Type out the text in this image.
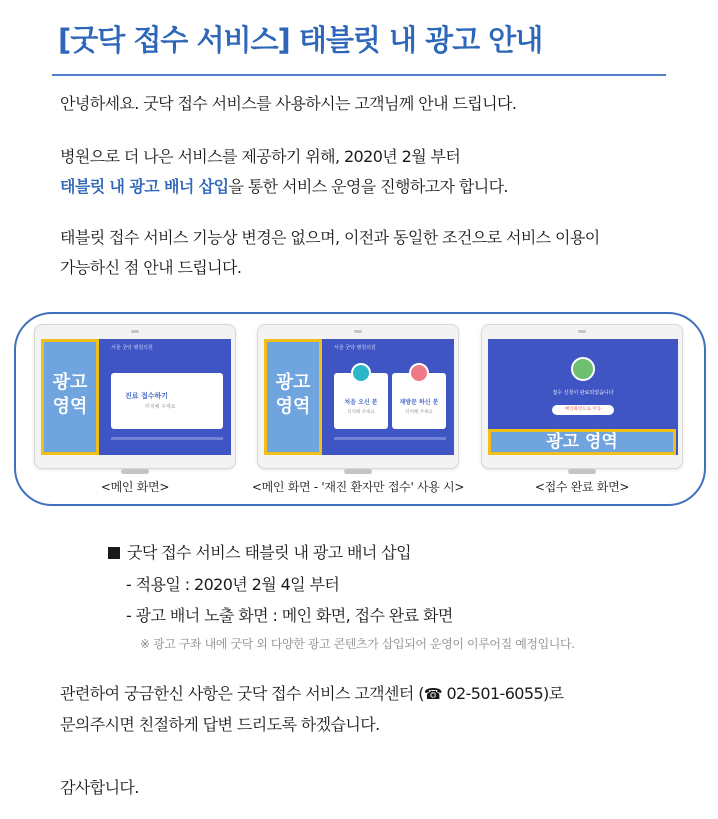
[굿닥 접수 서비스] 태블릿 내 광고 안내
안녕하세요. 굿닥 접수 서비스를 사용하시는 고객님께 안내 드립니다.
병원으로 더 나은 서비스를 제공하기 위해, 2020년 2월 부터
태블릿 내 광고 배너 삽입을 통한 서비스 운영을 진행하고자 합니다.
태블릿 접수 서비스 기능상 변경은 없으며, 이전과 동일한 조건으로 서비스 이용이
가능하신 점 안내 드립니다.
서울 굿닥 병원의원
진료 접수하기
터치해 주세요
광고
영역
서울 굿닥 병원의원
처음 오신 분
터치해 주세요
재방문 하신 분
터치해 주세요
광고
영역
접수 신청이 완료되었습니다
메인화면으로 이동
광고 영역
<메인 화면>	<메인 화면 - '재진 환자만 접수' 사용 시>	<접수 완료 화면>
굿닥 접수 서비스 태블릿 내 광고 배너 삽입
- 적용일 : 2020년 2월 4일 부터
- 광고 배너 노출 화면 : 메인 화면, 접수 완료 화면
※ 광고 구좌 내에 굿닥 외 다양한 광고 콘텐츠가 삽입되어 운영이 이루어질 예정입니다.
관련하여 궁금한신 사항은 굿닥 접수 서비스 고객센터 (☎ 02-501-6055)로
문의주시면 친절하게 답변 드리도록 하겠습니다.
감사합니다.
